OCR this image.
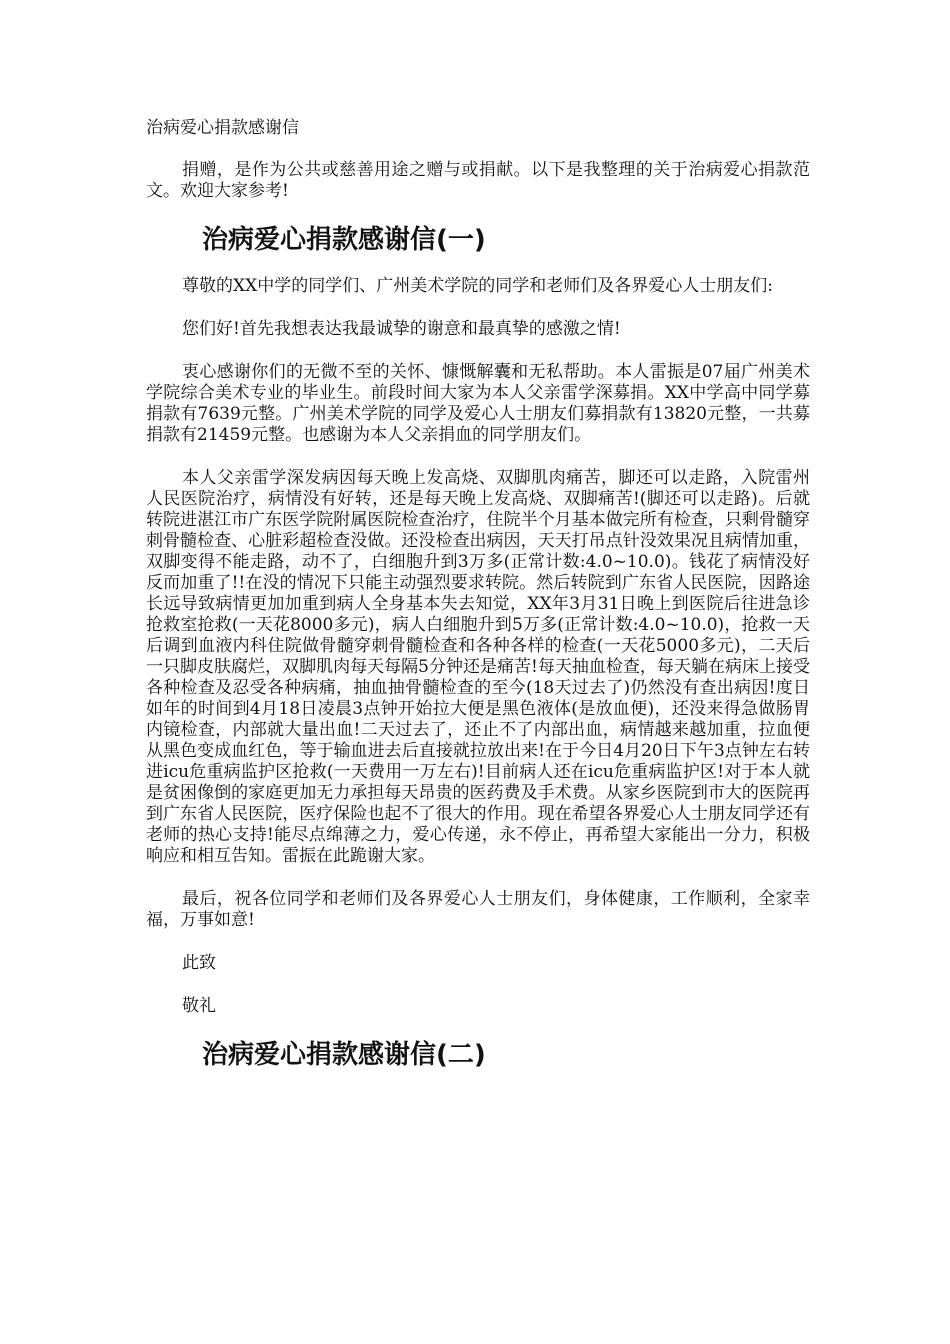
治病爱心捐款感谢信

捐赠，是作为公共或慈善用途之赠与或捐献。以下是我整理的关于治病爱心捐款范文。欢迎大家参考!

治病爱心捐款感谢信(一)

尊敬的XX中学的同学们、广州美术学院的同学和老师们及各界爱心人士朋友们:

您们好!首先我想表达我最诚挚的谢意和最真挚的感激之情!

衷心感谢你们的无微不至的关怀、慷慨解囊和无私帮助。本人雷振是07届广州美术学院综合美术专业的毕业生。前段时间大家为本人父亲雷学深募捐。XX中学高中同学募捐款有7639元整。广州美术学院的同学及爱心人士朋友们募捐款有13820元整，一共募捐款有21459元整。也感谢为本人父亲捐血的同学朋友们。

本人父亲雷学深发病因每天晚上发高烧、双脚肌肉痛苦，脚还可以走路，入院雷州人民医院治疗，病情没有好转，还是每天晚上发高烧、双脚痛苦!(脚还可以走路)。后就转院进湛江市广东医学院附属医院检查治疗，住院半个月基本做完所有检查，只剩骨髓穿刺骨髓检查、心脏彩超检查没做。还没检查出病因，天天打吊点针没效果况且病情加重，双脚变得不能走路，动不了，白细胞升到3万多(正常计数:4.0~10.0)。钱花了病情没好反而加重了!!在没的情况下只能主动强烈要求转院。然后转院到广东省人民医院，因路途长远导致病情更加加重到病人全身基本失去知觉，XX年3月31日晚上到医院后往进急诊抢救室抢救(一天花8000多元)，病人白细胞升到5万多(正常计数:4.0~10.0)，抢救一天后调到血液内科住院做骨髓穿刺骨髓检查和各种各样的检查(一天花5000多元)，二天后一只脚皮肤腐烂，双脚肌肉每天每隔5分钟还是痛苦!每天抽血检查，每天躺在病床上接受各种检查及忍受各种病痛，抽血抽骨髓检查的至今(18天过去了)仍然没有查出病因!度日如年的时间到4月18日凌晨3点钟开始拉大便是黑色液体(是放血便)，还没来得急做肠胃内镜检查，内部就大量出血!二天过去了，还止不了内部出血，病情越来越加重，拉血便从黑色变成血红色，等于输血进去后直接就拉放出来!在于今日4月20日下午3点钟左右转进icu危重病监护区抢救(一天费用一万左右)!目前病人还在icu危重病监护区!对于本人就是贫困像倒的家庭更加无力承担每天昂贵的医药费及手术费。从家乡医院到市大的医院再到广东省人民医院，医疗保险也起不了很大的作用。现在希望各界爱心人士朋友同学还有老师的热心支持!能尽点绵薄之力，爱心传递，永不停止，再希望大家能出一分力，积极响应和相互告知。雷振在此跪谢大家。

最后，祝各位同学和老师们及各界爱心人士朋友们，身体健康，工作顺利，全家幸福，万事如意!

此致
敬礼
治病爱心捐款感谢信(二)
